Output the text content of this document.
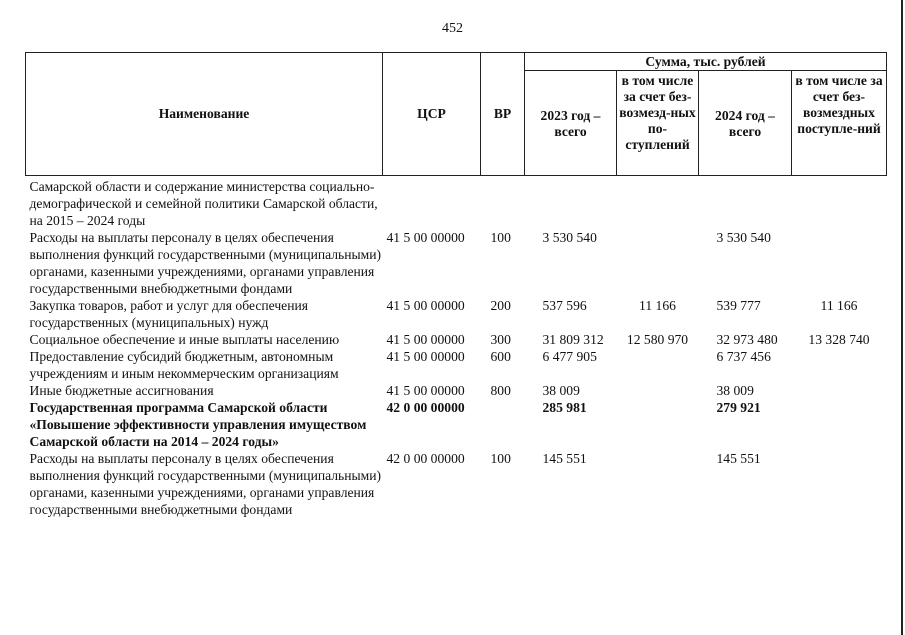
452
Наименование	ЦСР	ВР	Сумма, тыс. рублей			
			2023 год – всего	в том числе за счет без-возмезд-ных по-ступлений	2024 год – всего	в том числе за счет без-возмездных поступле-ний
Самарской области и содержание министерства социально-демографической и семейной политики Самарской области, на 2015 – 2024 годы						
Расходы на выплаты персоналу в целях обеспечения выполнения функций государственными (муниципальными) органами, казенными учреждениями, органами управления государственными внебюджетными фондами	41 5 00 00000	100	3 530 540		3 530 540	
Закупка товаров, работ и услуг для обеспечения государственных (муниципальных) нужд	41 5 00 00000	200	537 596	11 166	539 777	11 166
Социальное обеспечение и иные выплаты населению	41 5 00 00000	300	31 809 312	12 580 970	32 973 480	13 328 740
Предоставление субсидий бюджетным, автономным учреждениям и иным некоммерческим организациям	41 5 00 00000	600	6 477 905		6 737 456	
Иные бюджетные ассигнования	41 5 00 00000	800	38 009		38 009	
Государственная программа Самарской области «Повышение эффективности управления имуществом Самарской области на 2014 – 2024 годы»	42 0 00 00000		285 981		279 921	
Расходы на выплаты персоналу в целях обеспечения выполнения функций государственными (муниципальными) органами, казенными учреждениями, органами управления государственными внебюджетными фондами	42 0 00 00000	100	145 551		145 551	
